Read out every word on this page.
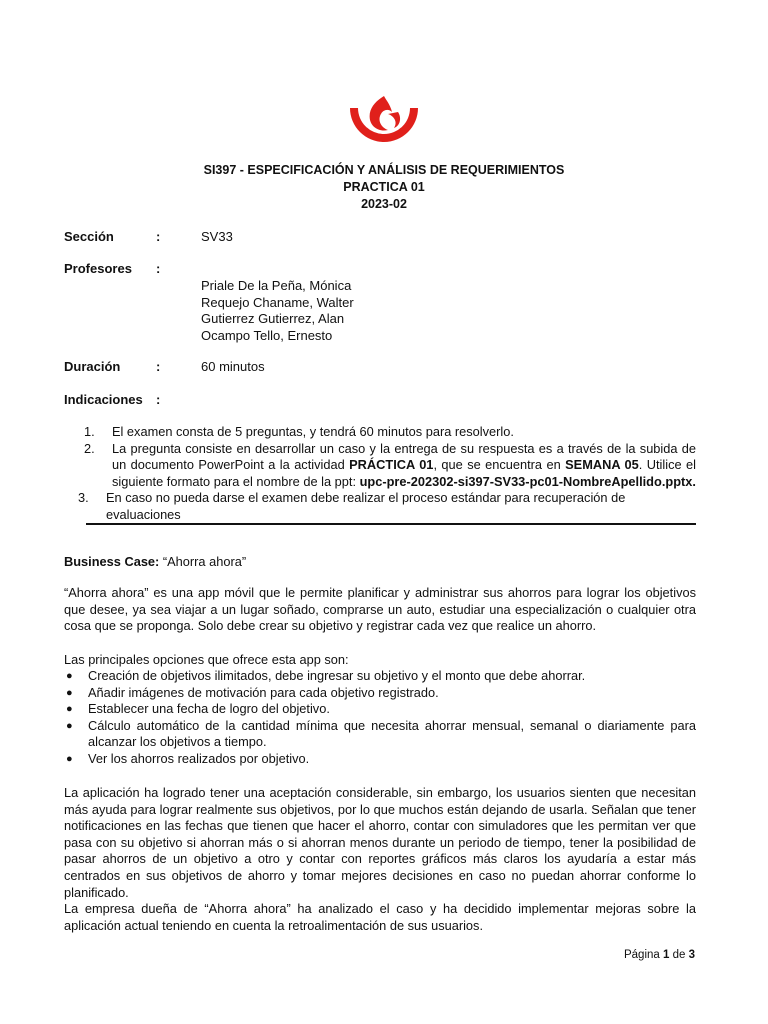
SI397 - ESPECIFICACIÓN Y ANÁLISIS DE REQUERIMIENTOS
PRACTICA 01
2023-02
Sección	:	SV33
Profesores :
Priale De la Peña, Mónica
Requejo Chaname, Walter
Gutierrez Gutierrez, Alan
Ocampo Tello, Ernesto
Duración	:	60 minutos
Indicaciones :
1. El examen consta de 5 preguntas, y tendrá 60 minutos para resolverlo.
2. La pregunta consiste en desarrollar un caso y la entrega de su respuesta es a través de la subida de un documento PowerPoint a la actividad PRÁCTICA 01, que se encuentra en SEMANA 05. Utilice el siguiente formato para el nombre de la ppt: upc-pre-202302-si397-SV33-pc01-NombreApellido.pptx.
3. En caso no pueda darse el examen debe realizar el proceso estándar para recuperación de evaluaciones
Business Case: “Ahorra ahora”
“Ahorra ahora” es una app móvil que le permite planificar y administrar sus ahorros para lograr los objetivos que desee, ya sea viajar a un lugar soñado, comprarse un auto, estudiar una especialización o cualquier otra cosa que se proponga. Solo debe crear su objetivo y registrar cada vez que realice un ahorro.
Las principales opciones que ofrece esta app son:
● Creación de objetivos ilimitados, debe ingresar su objetivo y el monto que debe ahorrar.
● Añadir imágenes de motivación para cada objetivo registrado.
● Establecer una fecha de logro del objetivo.
● Cálculo automático de la cantidad mínima que necesita ahorrar mensual, semanal o diariamente para alcanzar los objetivos a tiempo.
● Ver los ahorros realizados por objetivo.
La aplicación ha logrado tener una aceptación considerable, sin embargo, los usuarios sienten que necesitan más ayuda para lograr realmente sus objetivos, por lo que muchos están dejando de usarla. Señalan que tener notificaciones en las fechas que tienen que hacer el ahorro, contar con simuladores que les permitan ver que pasa con su objetivo si ahorran más o si ahorran menos durante un periodo de tiempo, tener la posibilidad de pasar ahorros de un objetivo a otro y contar con reportes gráficos más claros los ayudaría a estar más centrados en sus objetivos de ahorro y tomar mejores decisiones en caso no puedan ahorrar conforme lo planificado.
La empresa dueña de “Ahorra ahora” ha analizado el caso y ha decidido implementar mejoras sobre la aplicación actual teniendo en cuenta la retroalimentación de sus usuarios.
Página 1 de 3
